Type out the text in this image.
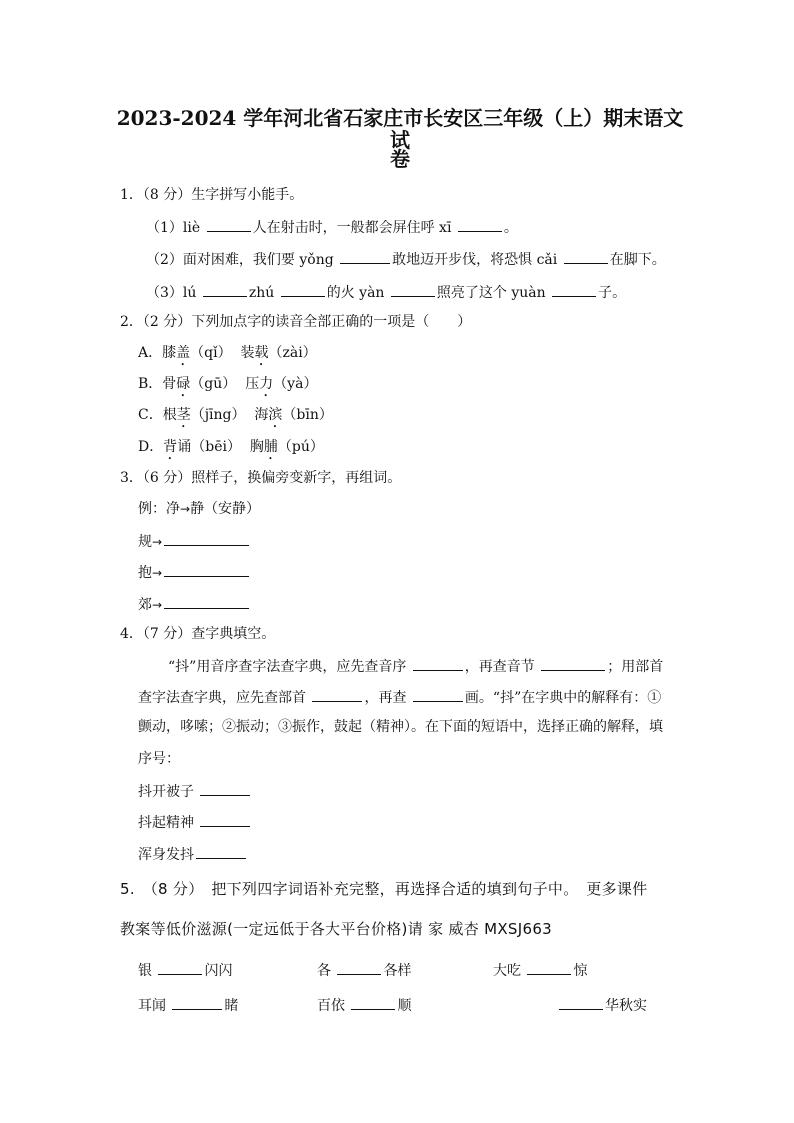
2023-2024 学年河北省石家庄市长安区三年级（上）期末语文试
卷
1．（8 分）生字拼写小能手。
（1）liè	人在射击时，一般都会屏住呼 xī	。
（2）面对困难，我们要 yǒng	敢地迈开步伐，将恐惧 cǎi	在脚下。
（3）lú	zhú	的火 yàn	照亮了这个 yuàn	子。
2．（2 分）下列加点字的读音全部正确的一项是（　　）
A．膝盖（qǐ） 装载（zài）
B．骨碌（gū） 压力（yà）
C．根茎（jīng） 海滨（bīn）
D．背诵（bēi） 胸脯（pú）
3．（6 分）照样子，换偏旁变新字，再组词。
例：净→静（安静）
规→
抱→
郊→
4．（7 分）查字典填空。
“抖”用音序查字法查字典，应先查音序	，再查音节	；用部首
查字法查字典，应先查部首	，再查	画。“抖”在字典中的解释有：①
颤动，哆嗦；②振动；③振作，鼓起（精神）。在下面的短语中，选择正确的解释，填
序号：
抖开被子
抖起精神
浑身发抖
5.　（8 分）　把下列四字词语补充完整，再选择合适的填到句子中。　更多课件
教案等低价滋源(一定远低于各大平台价格)请 家 威杏 MXSJ663
银	闪闪	各	各样	大吃	惊
耳闻	睹	百依	顺	华秋实
